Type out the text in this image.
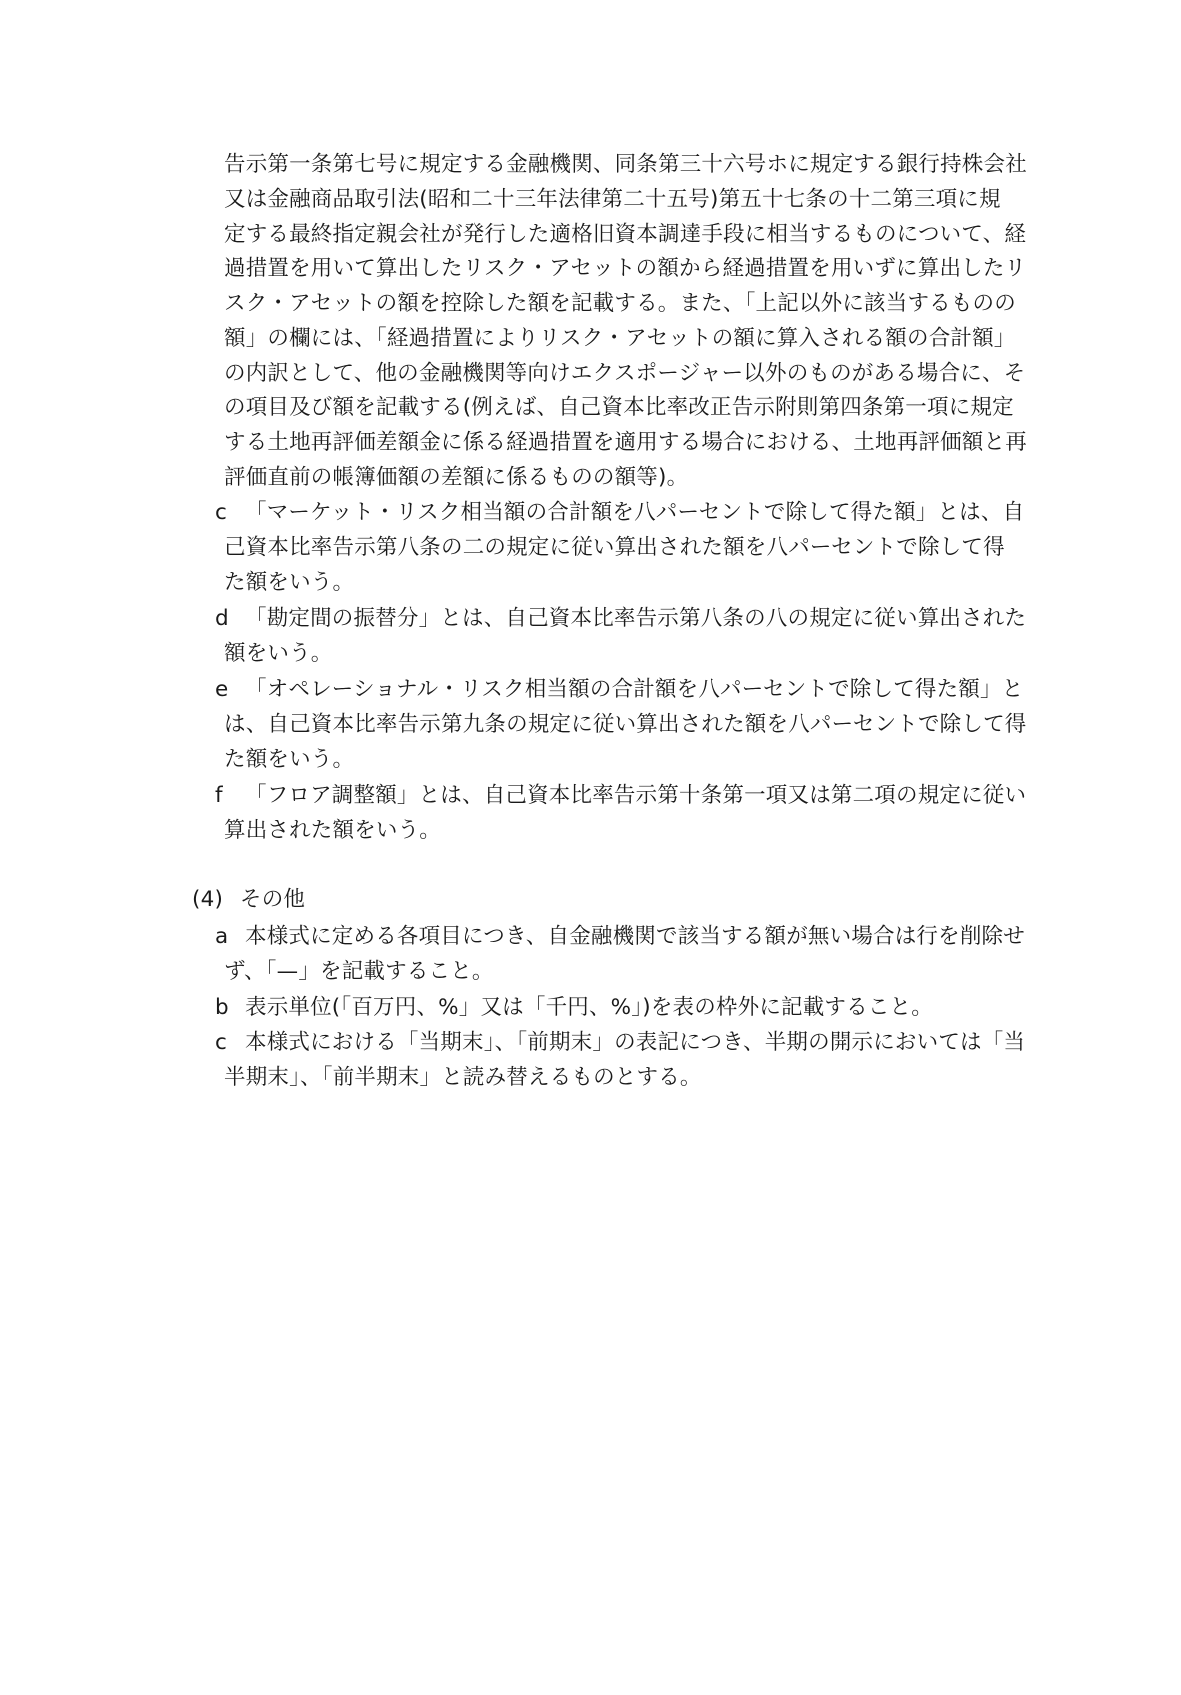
告示第一条第七号に規定する金融機関、同条第三十六号ホに規定する銀行持株会社
又は金融商品取引法(昭和二十三年法律第二十五号)第五十七条の十二第三項に規
定する最終指定親会社が発行した適格旧資本調達手段に相当するものについて、経
過措置を用いて算出したリスク・アセットの額から経過措置を用いずに算出したリ
スク・アセットの額を控除した額を記載する。また、「上記以外に該当するものの
額」の欄には、「経過措置によりリスク・アセットの額に算入される額の合計額」
の内訳として、他の金融機関等向けエクスポージャー以外のものがある場合に、そ
の項目及び額を記載する(例えば、自己資本比率改正告示附則第四条第一項に規定
する土地再評価差額金に係る経過措置を適用する場合における、土地再評価額と再
評価直前の帳簿価額の差額に係るものの額等)。
c 「マーケット・リスク相当額の合計額を八パーセントで除して得た額」とは、自
己資本比率告示第八条の二の規定に従い算出された額を八パーセントで除して得
た額をいう。
d 「勘定間の振替分」とは、自己資本比率告示第八条の八の規定に従い算出された
額をいう。
e 「オペレーショナル・リスク相当額の合計額を八パーセントで除して得た額」と
は、自己資本比率告示第九条の規定に従い算出された額を八パーセントで除して得
た額をいう。
f 「フロア調整額」とは、自己資本比率告示第十条第一項又は第二項の規定に従い
算出された額をいう。
(4) その他
a 本様式に定める各項目につき、自金融機関で該当する額が無い場合は行を削除せ
ず、「—」を記載すること。
b 表示単位(「百万円、%」又は「千円、%」)を表の枠外に記載すること。
c 本様式における「当期末」、「前期末」の表記につき、半期の開示においては「当
半期末」、「前半期末」と読み替えるものとする。
